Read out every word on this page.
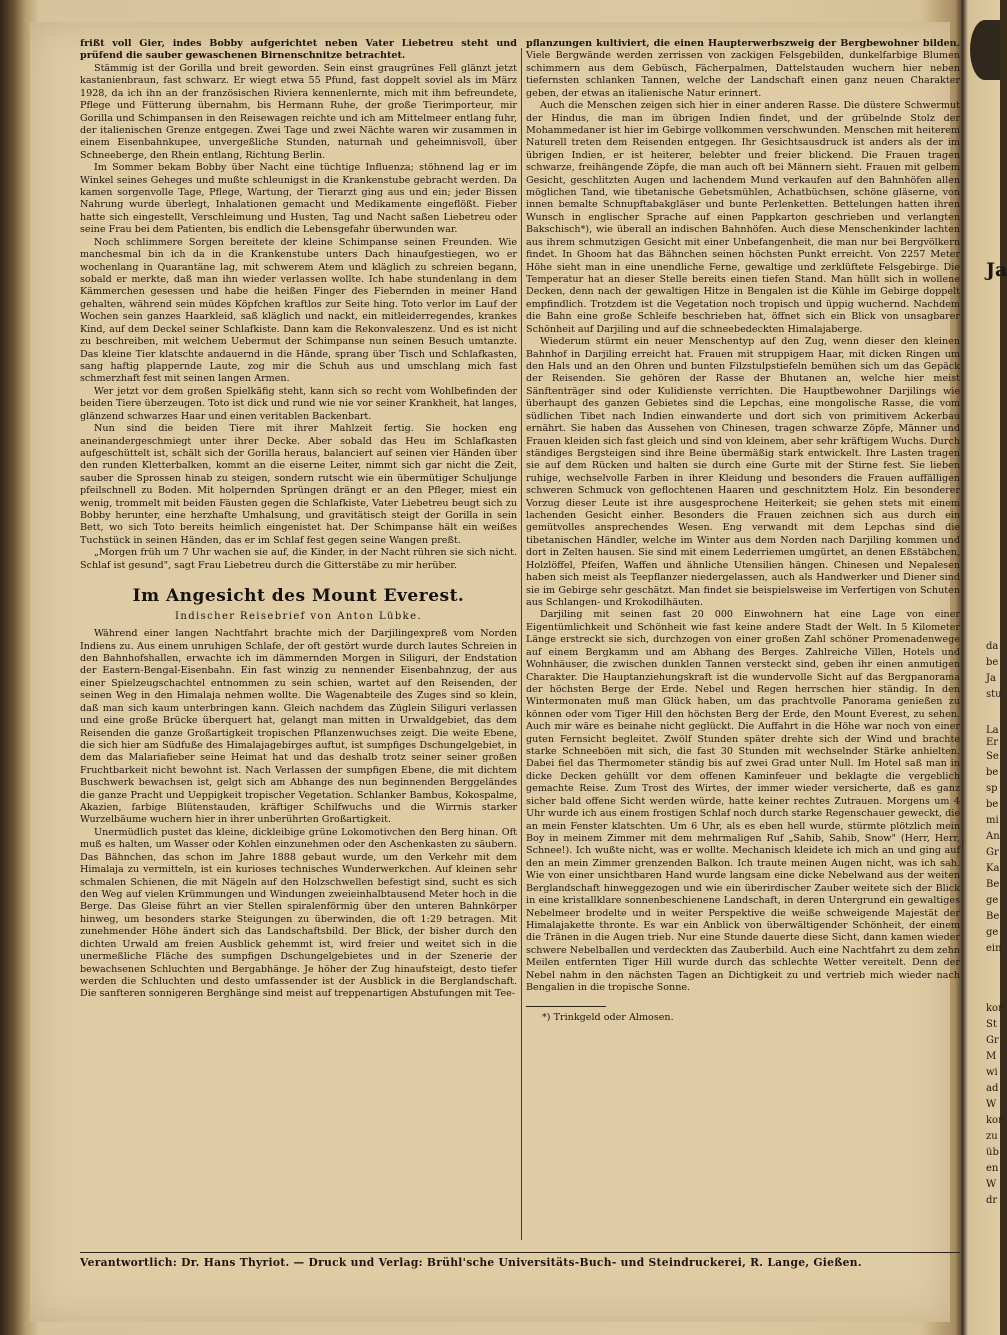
frißt voll Gier, indes Bobby aufgerichtet neben Vater Liebetreu steht und prüfend die sauber gewaschenen Birnenschnitze betrachtet.

Stämmig ist der Gorilla und breit geworden. Sein einst graugrünes Fell glänzt jetzt kastanienbraun, fast schwarz. Er wiegt etwa 55 Pfund, fast doppelt soviel als im März 1928, da ich ihn an der französischen Riviera kennenlernte, mich mit ihm befreundete, Pflege und Fütterung übernahm, bis Hermann Ruhe, der große Tierimporteur, mir Gorilla und Schimpansen in den Reisewagen reichte und ich am Mittelmeer entlang fuhr, der italienischen Grenze entgegen. Zwei Tage und zwei Nächte waren wir zusammen in einem Eisenbahnkupee, unvergeßliche Stunden, naturnah und geheimnisvoll, über Schneeberge, den Rhein entlang, Richtung Berlin.

Im Sommer bekam Bobby über Nacht eine tüchtige Influenza; stöhnend lag er im Winkel seines Geheges und mußte schleunigst in die Krankenstube gebracht werden. Da kamen sorgenvolle Tage, Pflege, Wartung, der Tierarzt ging aus und ein; jeder Bissen Nahrung wurde überlegt, Inhalationen gemacht und Medikamente eingeflößt. Fieber hatte sich eingestellt, Verschleimung und Husten, Tag und Nacht saßen Liebetreu oder seine Frau bei dem Patienten, bis endlich die Lebensgefahr überwunden war.

Noch schlimmere Sorgen bereitete der kleine Schimpanse seinen Freunden. Wie manchesmal bin ich da in die Krankenstube unters Dach hinaufgestiegen, wo er wochenlang in Quarantäne lag, mit schwerem Atem und kläglich zu schreien begann, sobald er merkte, daß man ihn wieder verlassen wollte. Ich habe stundenlang in dem Kämmerchen gesessen und habe die heißen Finger des Fiebernden in meiner Hand gehalten, während sein müdes Köpfchen kraftlos zur Seite hing. Toto verlor im Lauf der Wochen sein ganzes Haarkleid, saß kläglich und nackt, ein mitleiderregendes, krankes Kind, auf dem Deckel seiner Schlafkiste. Dann kam die Rekonvaleszenz. Und es ist nicht zu beschreiben, mit welchem Uebermut der Schimpanse nun seinen Besuch umtanzte. Das kleine Tier klatschte andauernd in die Hände, sprang über Tisch und Schlafkasten, sang haftig plappernde Laute, zog mir die Schuh aus und umschlang mich fast schmerzhaft fest mit seinen langen Armen.

Wer jetzt vor dem großen Spielkäfig steht, kann sich so recht vom Wohlbefinden der beiden Tiere überzeugen. Toto ist dick und rund wie nie vor seiner Krankheit, hat langes, glänzend schwarzes Haar und einen veritablen Backenbart.

Nun sind die beiden Tiere mit ihrer Mahlzeit fertig. Sie hocken eng aneinandergeschmiegt unter ihrer Decke. Aber sobald das Heu im Schlafkasten aufgeschüttelt ist, schält sich der Gorilla heraus, balanciert auf seinen vier Händen über den runden Kletterbalken, kommt an die eiserne Leiter, nimmt sich gar nicht die Zeit, sauber die Sprossen hinab zu steigen, sondern rutscht wie ein übermütiger Schuljunge pfeilschnell zu Boden. Mit holpernden Sprüngen drängt er an den Pfleger, miest ein wenig, trommelt mit beiden Fäusten gegen die Schlafkiste, Vater Liebetreu beugt sich zu Bobby herunter, eine herzhafte Umhalsung, und gravitätisch steigt der Gorilla in sein Bett, wo sich Toto bereits heimlich eingenistet hat. Der Schimpanse hält ein weißes Tuchstück in seinen Händen, das er im Schlaf fest gegen seine Wangen preßt.

„Morgen früh um 7 Uhr wachen sie auf, die Kinder, in der Nacht rühren sie sich nicht. Schlaf ist gesund", sagt Frau Liebetreu durch die Gitterstäbe zu mir herüber.

Im Angesicht des Mount Everest.
Indischer Reisebrief von Anton Lübke.

Während einer langen Nachtfahrt brachte mich der Darjilingexpreß vom Norden Indiens zu. Aus einem unruhigen Schlafe, der oft gestört wurde durch lautes Schreien in den Bahnhofshallen, erwachte ich im dämmernden Morgen in Siliguri, der Endstation der Eastern-Bengal-Eisenbahn. Ein fast winzig zu nennender Eisenbahnzug, der aus einer Spielzeugschachtel entnommen zu sein schien, wartet auf den Reisenden, der seinen Weg in den Himalaja nehmen wollte. Die Wagenabteile des Zuges sind so klein, daß man sich kaum unterbringen kann. Gleich nachdem das Züglein Siliguri verlassen und eine große Brücke überquert hat, gelangt man mitten in Urwaldgebiet, das dem Reisenden die ganze Großartigkeit tropischen Pflanzenwuchses zeigt. Die weite Ebene, die sich hier am Südfuße des Himalajagebirges auftut, ist sumpfiges Dschungelgebiet, in dem das Malariafieber seine Heimat hat und das deshalb trotz seiner seiner großen Fruchtbarkeit nicht bewohnt ist. Nach Verlassen der sumpfigen Ebene, die mit dichtem Buschwerk bewachsen ist, gelgt sich am Abhange des nun beginnenden Berggeländes die ganze Pracht und Ueppigkeit tropischer Vegetation. Schlanker Bambus, Kokospalme, Akazien, farbige Blütenstauden, kräftiger Schilfwuchs und die Wirrnis starker Wurzelbäume wuchern hier in ihrer unberührten Großartigkeit.

Unermüdlich pustet das kleine, dickleibige grüne Lokomotivchen den Berg hinan. Oft muß es halten, um Wasser oder Kohlen einzunehmen oder den Aschenkasten zu säubern. Das Bähnchen, das schon im Jahre 1888 gebaut wurde, um den Verkehr mit dem Himalaja zu vermitteln, ist ein kurioses technisches Wunderwerkchen. Auf kleinen sehr schmalen Schienen, die mit Nägeln auf den Holzschwellen befestigt sind, sucht es sich den Weg auf vielen Krümmungen und Windungen zweieinhalbtausend Meter hoch in die Berge. Das Gleise führt an vier Stellen spiralenförmig über den unteren Bahnkörper hinweg, um besonders starke Steigungen zu überwinden, die oft 1:29 betragen. Mit zunehmender Höhe ändert sich das Landschaftsbild. Der Blick, der bisher durch den dichten Urwald am freien Ausblick gehemmt ist, wird freier und weitet sich in die unermeßliche Fläche des sumpfigen Dschungelgebietes und in der Szenerie der bewachsenen Schluchten und Bergabhänge. Je höher der Zug hinaufsteigt, desto tiefer werden die Schluchten und desto umfassender ist der Ausblick in die Berglandschaft. Die sanfteren sonnigeren Berghänge sind meist auf treppenartigen Abstufungen mit Tee-

pflanzungen kultiviert, die einen Haupterwerbszweig der Bergbewohner bilden. Viele Bergwände werden zerrissen von zackigen Felsgebilden, dunkelfarbige Blumen schimmern aus dem Gebüsch, Fächerpalmen, Dattelstauden wuchern hier neben tiefernsten schlanken Tannen, welche der Landschaft einen ganz neuen Charakter geben, der etwas an italienische Natur erinnert.

Auch die Menschen zeigen sich hier in einer anderen Rasse. Die düstere Schwermut der Hindus, die man im übrigen Indien findet, und der grübelnde Stolz der Mohammedaner ist hier im Gebirge vollkommen verschwunden. Menschen mit heiterem Naturell treten dem Reisenden entgegen. Ihr Gesichtsausdruck ist anders als der im übrigen Indien, er ist heiterer, belebter und freier blickend. Die Frauen tragen schwarze, freihängende Zöpfe, die man auch oft bei Männern sieht. Frauen mit gelbem Gesicht, geschlitzten Augen und lachendem Mund verkaufen auf den Bahnhöfen allen möglichen Tand, wie tibetanische Gebetsmühlen, Achatbüchsen, schöne gläserne, von innen bemalte Schnupftabakgläser und bunte Perlenketten. Bettelungen hatten ihren Wunsch in englischer Sprache auf einen Pappkarton geschrieben und verlangten Bakschisch*), wie überall an indischen Bahnhöfen. Auch diese Menschenkinder lachten aus ihrem schmutzigen Gesicht mit einer Unbefangenheit, die man nur bei Bergvölkern findet. In Ghoom hat das Bähnchen seinen höchsten Punkt erreicht. Von 2257 Meter Höhe sieht man in eine unendliche Ferne, gewaltige und zerklüftete Felsgebirge. Die Temperatur hat an dieser Stelle bereits einen tiefen Stand. Man hüllt sich in wollene Decken, denn nach der gewaltigen Hitze in Bengalen ist die Kühle im Gebirge doppelt empfindlich. Trotzdem ist die Vegetation noch tropisch und üppig wuchernd. Nachdem die Bahn eine große Schleife beschrieben hat, öffnet sich ein Blick von unsagbarer Schönheit auf Darjiling und auf die schneebedeckten Himalajaberge.

Wiederum stürmt ein neuer Menschentyp auf den Zug, wenn dieser den kleinen Bahnhof in Darjiling erreicht hat. Frauen mit struppigem Haar, mit dicken Ringen um den Hals und an den Ohren und bunten Filzstulpstiefeln bemühen sich um das Gepäck der Reisenden. Sie gehören der Rasse der Bhutanen an, welche hier meist Sänftenträger sind oder Kulidienste verrichten. Die Hauptbewohner Darjilings wie überhaupt des ganzen Gebietes sind die Lepchas, eine mongolische Rasse, die vom südlichen Tibet nach Indien einwanderte und dort sich von primitivem Ackerbau ernährt. Sie haben das Aussehen von Chinesen, tragen schwarze Zöpfe, Männer und Frauen kleiden sich fast gleich und sind von kleinem, aber sehr kräftigem Wuchs. Durch ständiges Bergsteigen sind ihre Beine übermäßig stark entwickelt. Ihre Lasten tragen sie auf dem Rücken und halten sie durch eine Gurte mit der Stirne fest. Sie lieben ruhige, wechselvolle Farben in ihrer Kleidung und besonders die Frauen auffälligen schweren Schmuck von geflochtenen Haaren und geschnitztem Holz. Ein besonderer Vorzug dieser Leute ist ihre ausgesprochene Heiterkeit; sie gehen stets mit einem lachenden Gesicht einher. Besonders die Frauen zeichnen sich aus durch ein gemütvolles ansprechendes Wesen. Eng verwandt mit dem Lepchas sind die tibetanischen Händler, welche im Winter aus dem Norden nach Darjiling kommen und dort in Zelten hausen. Sie sind mit einem Lederriemen umgürtet, an denen Eßstäbchen, Holzlöffel, Pfeifen, Waffen und ähnliche Utensilien hängen. Chinesen und Nepalesen haben sich meist als Teepflanzer niedergelassen, auch als Handwerker und Diener sind sie im Gebirge sehr geschätzt. Man findet sie beispielsweise im Verfertigen von Schuten aus Schlangen- und Krokodilhäuten.

Darjiling mit seinen fast 20 000 Einwohnern hat eine Lage von einer Eigentümlichkeit und Schönheit wie fast keine andere Stadt der Welt. In 5 Kilometer Länge erstreckt sie sich, durchzogen von einer großen Zahl schöner Promenadenwege auf einem Bergkamm und am Abhang des Berges. Zahlreiche Villen, Hotels und Wohnhäuser, die zwischen dunklen Tannen versteckt sind, geben ihr einen anmutigen Charakter. Die Hauptanziehungskraft ist die wundervolle Sicht auf das Bergpanorama der höchsten Berge der Erde. Nebel und Regen herrschen hier ständig. In den Wintermonaten muß man Glück haben, um das prachtvolle Panorama genießen zu können oder vom Tiger Hill den höchsten Berg der Erde, den Mount Everest, zu sehen. Auch mir wäre es beinahe nicht geglückt. Die Auffahrt in die Höhe war noch von einer guten Fernsicht begleitet. Zwölf Stunden später drehte sich der Wind und brachte starke Schneeböen mit sich, die fast 30 Stunden mit wechselnder Stärke anhielten. Dabei fiel das Thermometer ständig bis auf zwei Grad unter Null. Im Hotel saß man in dicke Decken gehüllt vor dem offenen Kaminfeuer und beklagte die vergeblich gemachte Reise. Zum Trost des Wirtes, der immer wieder versicherte, daß es ganz sicher bald offene Sicht werden würde, hatte keiner rechtes Zutrauen. Morgens um 4 Uhr wurde ich aus einem frostigen Schlaf noch durch starke Regenschauer geweckt, die an mein Fenster klatschten. Um 6 Uhr, als es eben hell wurde, stürmte plötzlich mein Boy in meinem Zimmer mit dem mehrmaligen Ruf „Sahib, Sahib, Snow" (Herr, Herr, Schnee!). Ich wußte nicht, was er wollte. Mechanisch kleidete ich mich an und ging auf den an mein Zimmer grenzenden Balkon. Ich traute meinen Augen nicht, was ich sah. Wie von einer unsichtbaren Hand wurde langsam eine dicke Nebelwand aus der weiten Berglandschaft hinweggezogen und wie ein überirdischer Zauber weitete sich der Blick in eine kristallklare sonnenbeschienene Landschaft, in deren Untergrund ein gewaltiges Nebelmeer brodelte und in weiter Perspektive die weiße schweigende Majestät der Himalajakette thronte. Es war ein Anblick von überwältigender Schönheit, der einem die Tränen in die Augen trieb. Nur eine Stunde dauerte diese Sicht, dann kamen wieder schwere Nebelballen und verdeckten das Zauberbild. Auch eine Nachtfahrt zu dem zehn Meilen entfernten Tiger Hill wurde durch das schlechte Wetter vereitelt. Denn der Nebel nahm in den nächsten Tagen an Dichtigkeit zu und vertrieb mich wieder nach Bengalien in die tropische Sonne.

*) Trinkgeld oder Almosen.

Verantwortlich: Dr. Hans Thyriot. — Druck und Verlag: Brühl'sche Universitäts-Buch- und Steindruckerei, R. Lange, Gießen.
Ja
da
be
Ja
stu
La
Er
Se
be
sp
be
mi
An
Gr
Ka
Be
ge
Be
ge
ein
kor
St
Gr
M
wi
ad
W
kor
zu
üb
en
W
dr
